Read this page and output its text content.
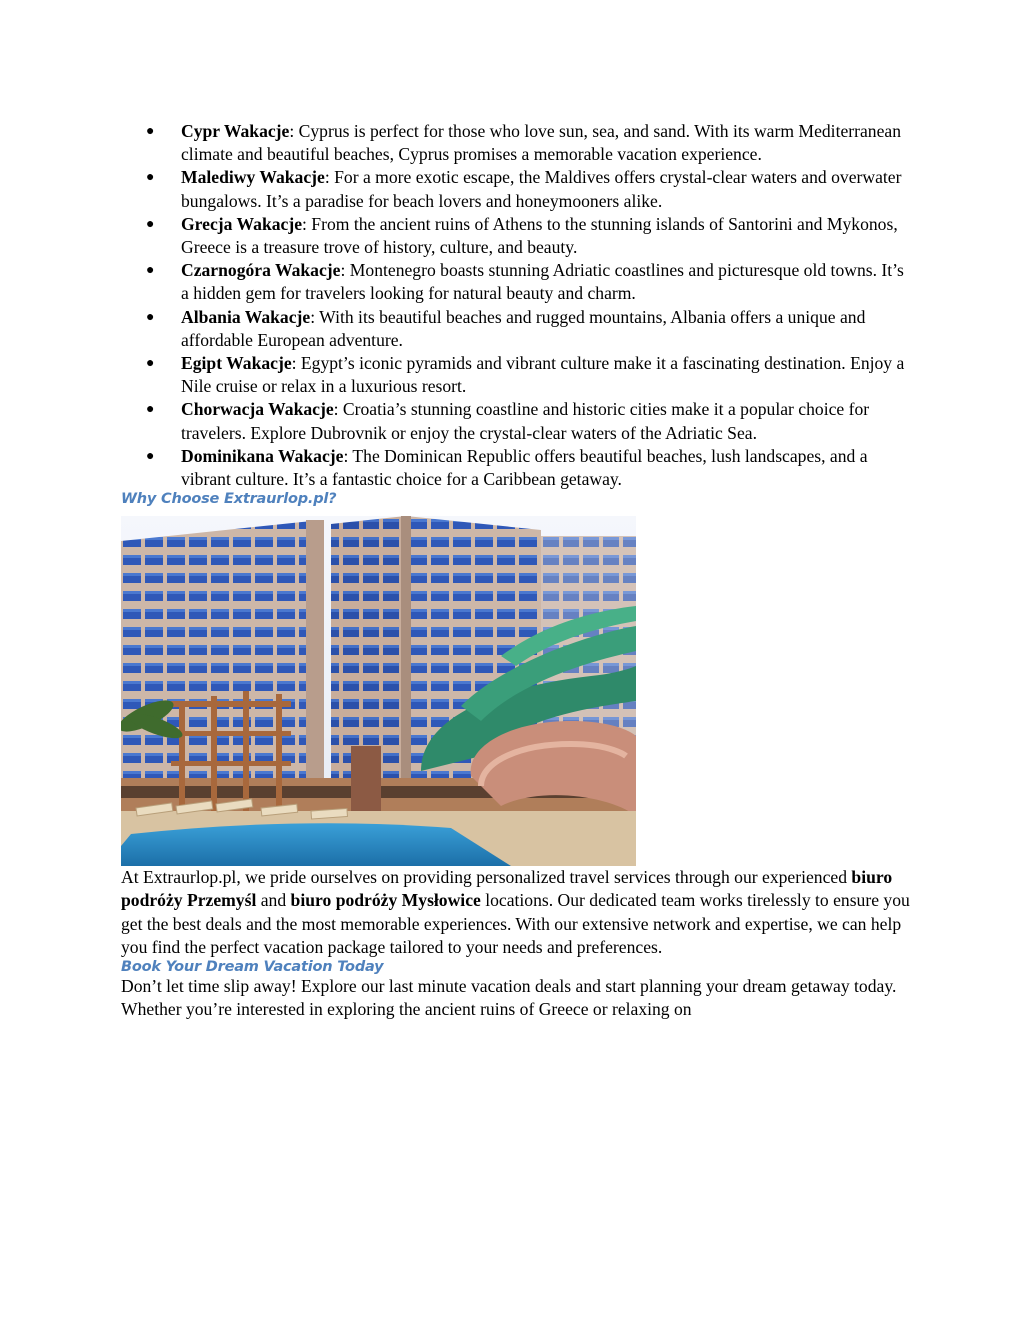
● Cypr Wakacje: Cyprus is perfect for those who love sun, sea, and sand. With its warm Mediterranean climate and beautiful beaches, Cyprus promises a memorable vacation experience.
● Malediwy Wakacje: For a more exotic escape, the Maldives offers crystal-clear waters and overwater bungalows. It’s a paradise for beach lovers and honeymooners alike.
● Grecja Wakacje: From the ancient ruins of Athens to the stunning islands of Santorini and Mykonos, Greece is a treasure trove of history, culture, and beauty.
● Czarnogóra Wakacje: Montenegro boasts stunning Adriatic coastlines and picturesque old towns. It’s a hidden gem for travelers looking for natural beauty and charm.
● Albania Wakacje: With its beautiful beaches and rugged mountains, Albania offers a unique and affordable European adventure.
● Egipt Wakacje: Egypt’s iconic pyramids and vibrant culture make it a fascinating destination. Enjoy a Nile cruise or relax in a luxurious resort.
● Chorwacja Wakacje: Croatia’s stunning coastline and historic cities make it a popular choice for travelers. Explore Dubrovnik or enjoy the crystal-clear waters of the Adriatic Sea.
● Dominikana Wakacje: The Dominican Republic offers beautiful beaches, lush landscapes, and a vibrant culture. It’s a fantastic choice for a Caribbean getaway.
Why Choose Extraurlop.pl?

At Extraurlop.pl, we pride ourselves on providing personalized travel services through our experienced biuro podróży Przemyśl and biuro podróży Mysłowice locations. Our dedicated team works tirelessly to ensure you get the best deals and the most memorable experiences. With our extensive network and expertise, we can help you find the perfect vacation package tailored to your needs and preferences.

Book Your Dream Vacation Today

Don’t let time slip away! Explore our last minute vacation deals and start planning your dream getaway today. Whether you’re interested in exploring the ancient ruins of Greece or relaxing on
